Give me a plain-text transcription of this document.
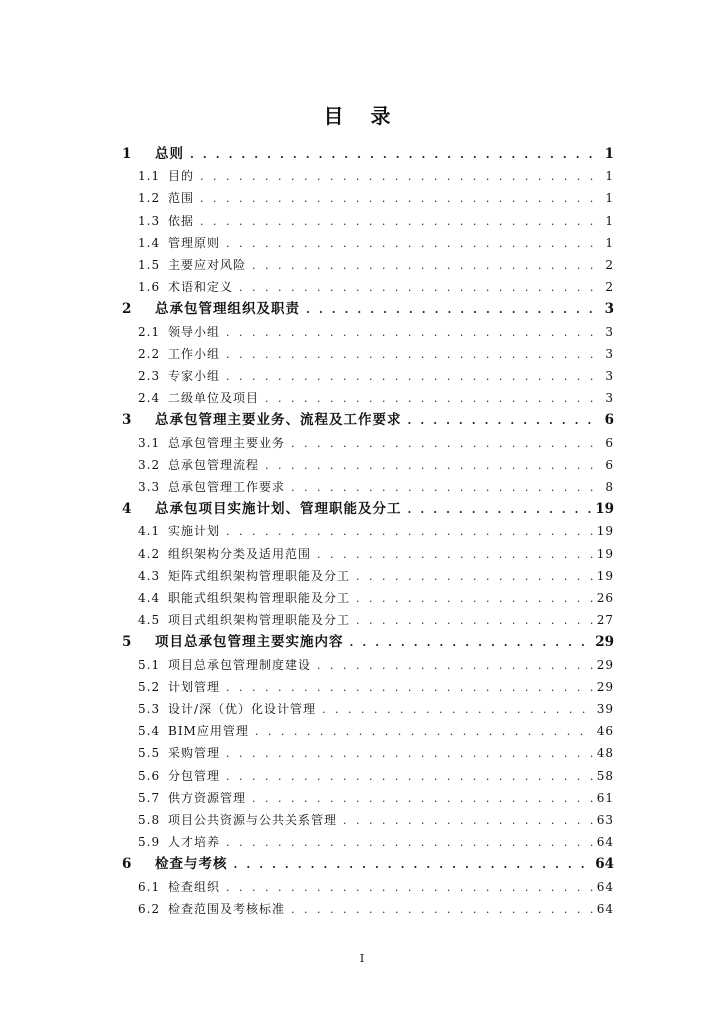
目 录
1	总则 . . .	1
1.1 目的 . . .	1
1.2 范围 . . .	1
1.3 依据 . . .	1
1.4 管理原则 . . .	1
1.5 主要应对风险 . . .	2
1.6 术语和定义 . . .	2
2	总承包管理组织及职责 . . .	3
2.1 领导小组 . . .	3
2.2 工作小组 . . .	3
2.3 专家小组 . . .	3
2.4 二级单位及项目 . . .	3
3	总承包管理主要业务、流程及工作要求 . . .	6
3.1 总承包管理主要业务 . . .	6
3.2 总承包管理流程 . . .	6
3.3 总承包管理工作要求 . . .	8
4	总承包项目实施计划、管理职能及分工 . . .	19
4.1 实施计划 . . .	19
4.2 组织架构分类及适用范围 . . .	19
4.3 矩阵式组织架构管理职能及分工 . . .	19
4.4 职能式组织架构管理职能及分工 . . .	26
4.5 项目式组织架构管理职能及分工 . . .	27
5	项目总承包管理主要实施内容 . . .	29
5.1 项目总承包管理制度建设 . . .	29
5.2 计划管理 . . .	29
5.3 设计/深（优）化设计管理 . . .	39
5.4 BIM应用管理 . . .	46
5.5 采购管理 . . .	48
5.6 分包管理 . . .	58
5.7 供方资源管理 . . .	61
5.8 项目公共资源与公共关系管理 . . .	63
5.9 人才培养 . . .	64
6	检查与考核 . . .	64
6.1 检查组织 . . .	64
6.2 检查范围及考核标准 . . .	64
I
